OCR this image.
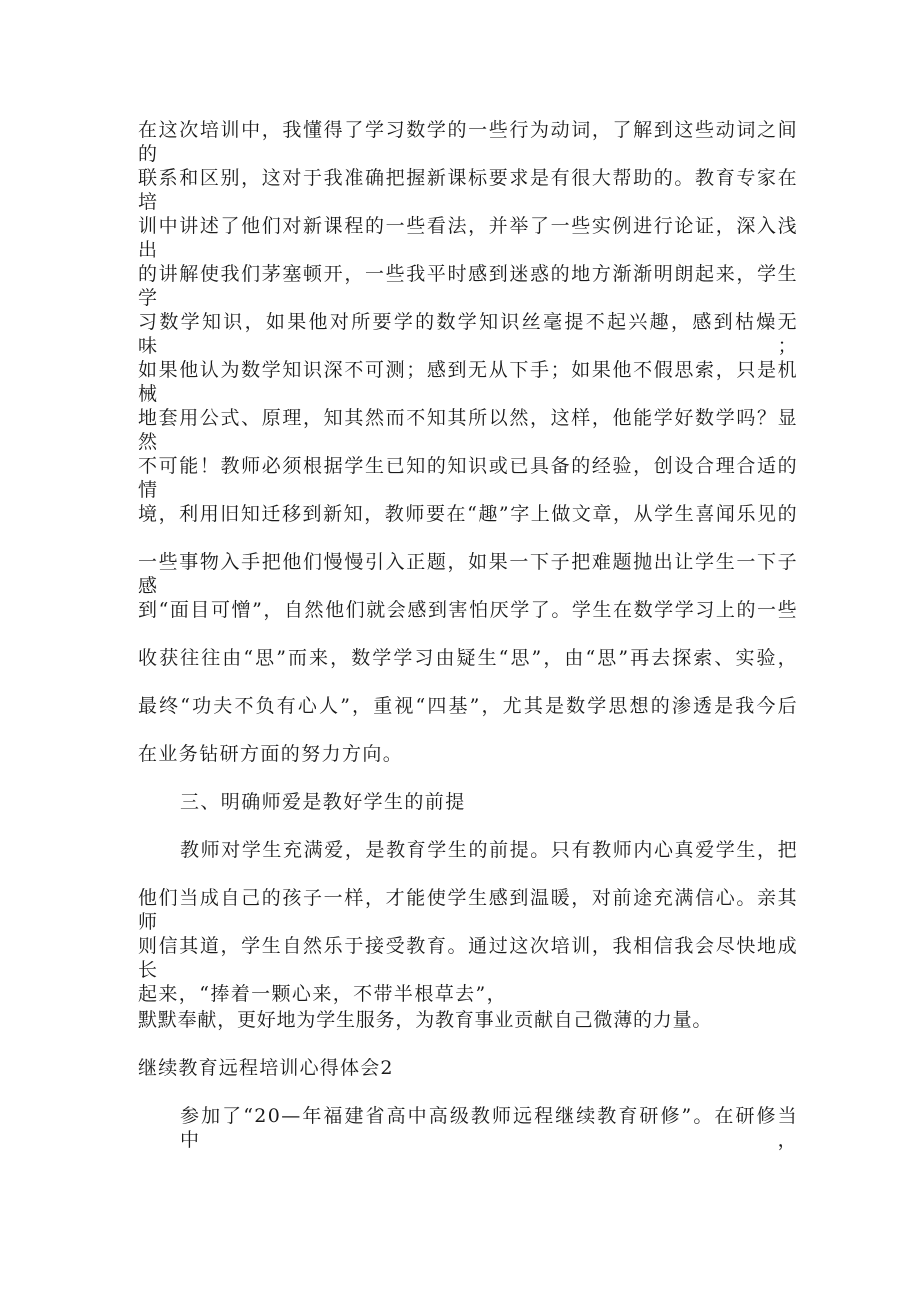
在这次培训中，我懂得了学习数学的一些行为动词，了解到这些动词之间的
联系和区别，这对于我准确把握新课标要求是有很大帮助的。教育专家在培
训中讲述了他们对新课程的一些看法，并举了一些实例进行论证，深入浅出
的讲解使我们茅塞顿开，一些我平时感到迷惑的地方渐渐明朗起来，学生学
习数学知识，如果他对所要学的数学知识丝毫提不起兴趣，感到枯燥无味；
如果他认为数学知识深不可测；感到无从下手；如果他不假思索，只是机械
地套用公式、原理，知其然而不知其所以然，这样，他能学好数学吗？显然
不可能！教师必须根据学生已知的知识或已具备的经验，创设合理合适的情
境，利用旧知迁移到新知，教师要在“趣”字上做文章，从学生喜闻乐见的
一些事物入手把他们慢慢引入正题，如果一下子把难题抛出让学生一下子感
到“面目可憎”，自然他们就会感到害怕厌学了。学生在数学学习上的一些
收获往往由“思”而来，数学学习由疑生“思”，由“思”再去探索、实验，
最终“功夫不负有心人”，重视“四基”，尤其是数学思想的渗透是我今后
在业务钻研方面的努力方向。
三、明确师爱是教好学生的前提
教师对学生充满爱，是教育学生的前提。只有教师内心真爱学生，把
他们当成自己的孩子一样，才能使学生感到温暖，对前途充满信心。亲其师
则信其道，学生自然乐于接受教育。通过这次培训，我相信我会尽快地成长
起来，“捧着一颗心来，不带半根草去”，
默默奉献，更好地为学生服务，为教育事业贡献自己微薄的力量。
继续教育远程培训心得体会2
参加了“20—年福建省高中高级教师远程继续教育研修”。在研修当中，
